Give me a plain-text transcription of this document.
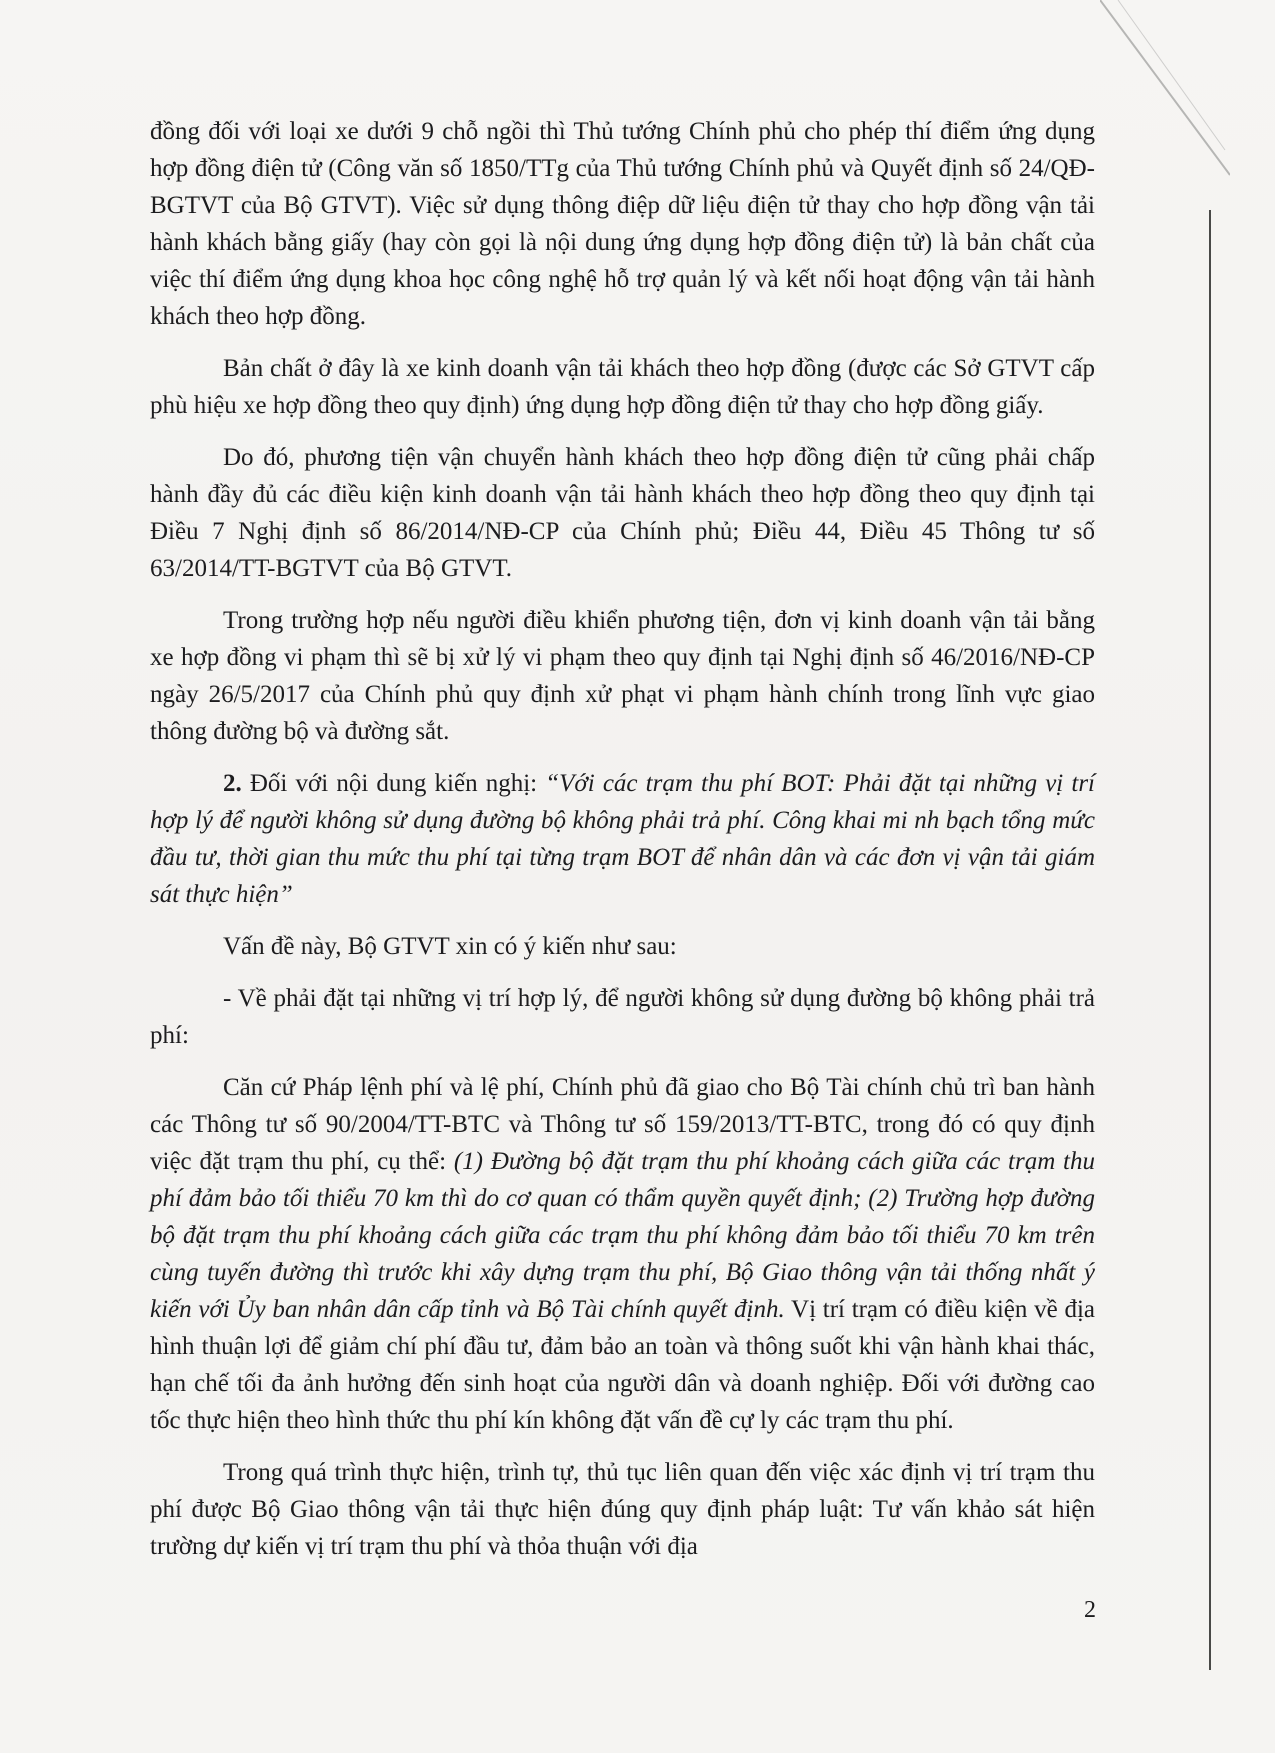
đồng đối với loại xe dưới 9 chỗ ngồi thì Thủ tướng Chính phủ cho phép thí điểm ứng dụng hợp đồng điện tử (Công văn số 1850/TTg của Thủ tướng Chính phủ và Quyết định số 24/QĐ-BGTVT của Bộ GTVT). Việc sử dụng thông điệp dữ liệu điện tử thay cho hợp đồng vận tải hành khách bằng giấy (hay còn gọi là nội dung ứng dụng hợp đồng điện tử) là bản chất của việc thí điểm ứng dụng khoa học công nghệ hỗ trợ quản lý và kết nối hoạt động vận tải hành khách theo hợp đồng.

Bản chất ở đây là xe kinh doanh vận tải khách theo hợp đồng (được các Sở GTVT cấp phù hiệu xe hợp đồng theo quy định) ứng dụng hợp đồng điện tử thay cho hợp đồng giấy.

Do đó, phương tiện vận chuyển hành khách theo hợp đồng điện tử cũng phải chấp hành đầy đủ các điều kiện kinh doanh vận tải hành khách theo hợp đồng theo quy định tại Điều 7 Nghị định số 86/2014/NĐ-CP của Chính phủ; Điều 44, Điều 45 Thông tư số 63/2014/TT-BGTVT của Bộ GTVT.

Trong trường hợp nếu người điều khiển phương tiện, đơn vị kinh doanh vận tải bằng xe hợp đồng vi phạm thì sẽ bị xử lý vi phạm theo quy định tại Nghị định số 46/2016/NĐ-CP ngày 26/5/2017 của Chính phủ quy định xử phạt vi phạm hành chính trong lĩnh vực giao thông đường bộ và đường sắt.

2. Đối với nội dung kiến nghị: “Với các trạm thu phí BOT: Phải đặt tại những vị trí hợp lý để người không sử dụng đường bộ không phải trả phí. Công khai mi nh bạch tổng mức đầu tư, thời gian thu mức thu phí tại từng trạm BOT để nhân dân và các đơn vị vận tải giám sát thực hiện”

Vấn đề này, Bộ GTVT xin có ý kiến như sau:

- Về phải đặt tại những vị trí hợp lý, để người không sử dụng đường bộ không phải trả phí:

Căn cứ Pháp lệnh phí và lệ phí, Chính phủ đã giao cho Bộ Tài chính chủ trì ban hành các Thông tư số 90/2004/TT-BTC và Thông tư số 159/2013/TT-BTC, trong đó có quy định việc đặt trạm thu phí, cụ thể: (1) Đường bộ đặt trạm thu phí khoảng cách giữa các trạm thu phí đảm bảo tối thiểu 70 km thì do cơ quan có thẩm quyền quyết định; (2) Trường hợp đường bộ đặt trạm thu phí khoảng cách giữa các trạm thu phí không đảm bảo tối thiểu 70 km trên cùng tuyến đường thì trước khi xây dựng trạm thu phí, Bộ Giao thông vận tải thống nhất ý kiến với Ủy ban nhân dân cấp tỉnh và Bộ Tài chính quyết định. Vị trí trạm có điều kiện về địa hình thuận lợi để giảm chí phí đầu tư, đảm bảo an toàn và thông suốt khi vận hành khai thác, hạn chế tối đa ảnh hưởng đến sinh hoạt của người dân và doanh nghiệp. Đối với đường cao tốc thực hiện theo hình thức thu phí kín không đặt vấn đề cự ly các trạm thu phí.

Trong quá trình thực hiện, trình tự, thủ tục liên quan đến việc xác định vị trí trạm thu phí được Bộ Giao thông vận tải thực hiện đúng quy định pháp luật: Tư vấn khảo sát hiện trường dự kiến vị trí trạm thu phí và thỏa thuận với địa

2
